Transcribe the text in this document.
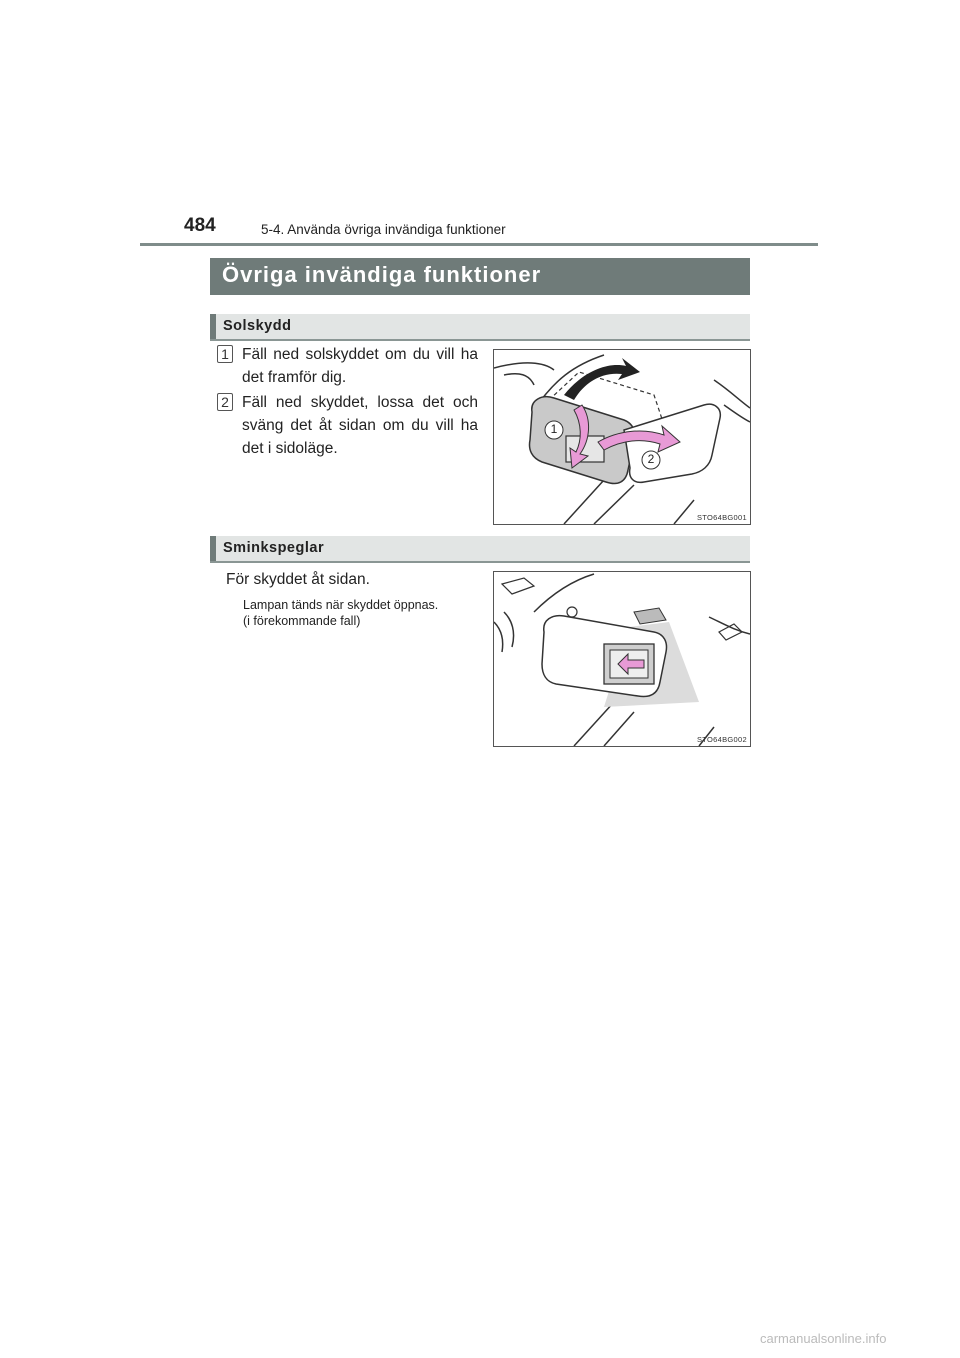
484	5-4. Använda övriga invändiga funktioner
Övriga invändiga funktioner
Solskydd
1 Fäll ned solskyddet om du vill ha det framför dig.
2 Fäll ned skyddet, lossa det och sväng det åt sidan om du vill ha det i sidoläge.
1
2
STO64BG001
Sminkspeglar
För skyddet åt sidan.
Lampan tänds när skyddet öppnas.
(i förekommande fall)
STO64BG002
carmanualsonline.info
